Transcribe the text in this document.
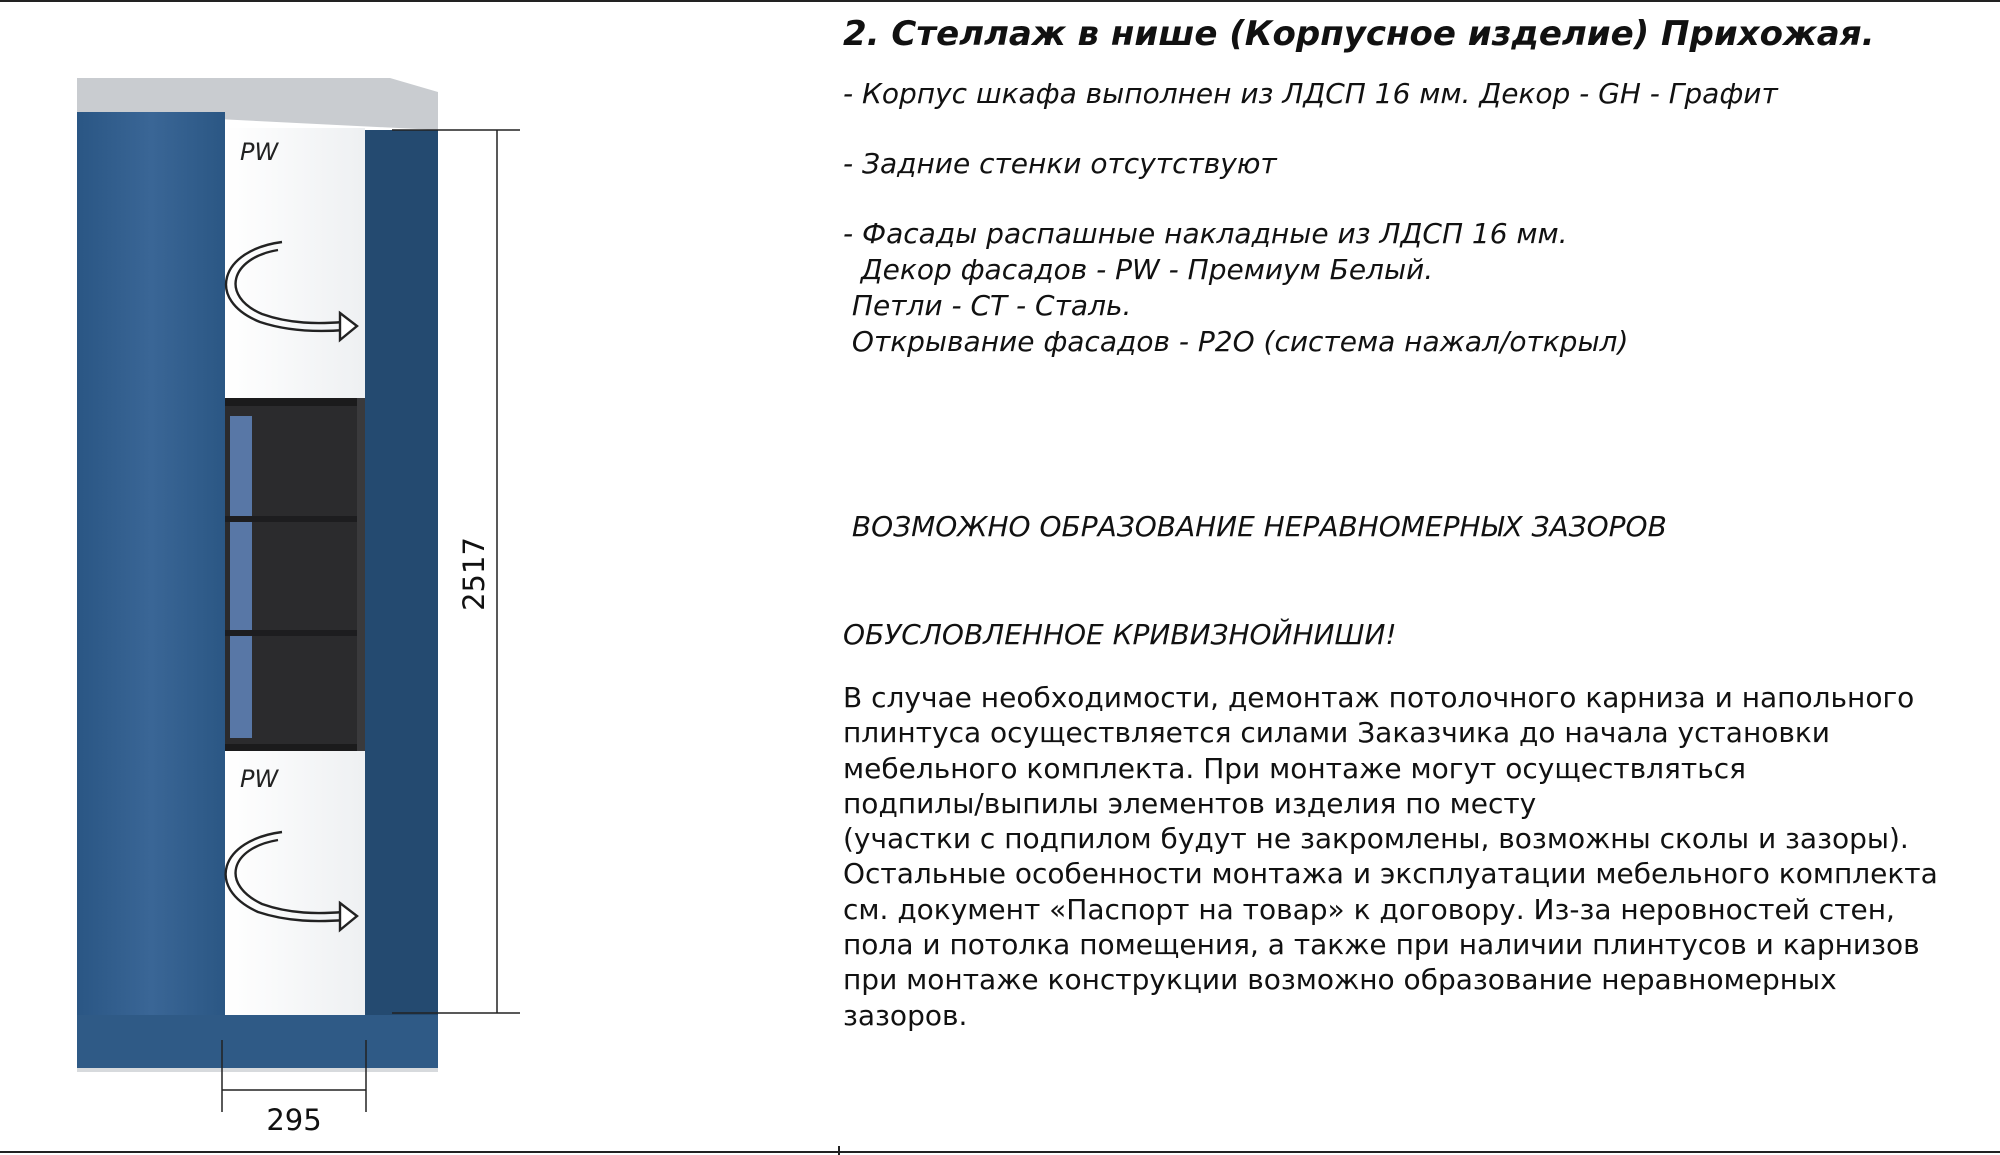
PW
PW
2517
295
2. Стеллаж в нише (Корпусное изделие) Прихожая.

- Корпус шкафа выполнен из ЛДСП 16 мм. Декор - GH - Графит

- Задние стенки отсутствуют

- Фасады распашные накладные из ЛДСП 16 мм.

Декор фасадов - PW - Премиум Белый.

Петли - CT - Сталь.

Открывание фасадов - P2O (система нажал/открыл)

ВОЗМОЖНО ОБРАЗОВАНИЕ НЕРАВНОМЕРНЫХ ЗАЗОРОВ

ОБУСЛОВЛЕННОЕ КРИВИЗНОЙНИШИ!

В случае необходимости, демонтаж потолочного карниза и напольного
плинтуса осуществляется силами Заказчика до начала установки
мебельного комплекта. При монтаже могут осуществляться
подпилы/выпилы элементов изделия по месту
(участки с подпилом будут не закромлены, возможны сколы и зазоры).
Остальные особенности монтажа и эксплуатации мебельного комплекта
см. документ «Паспорт на товар» к договору. Из-за неровностей стен,
пола и потолка помещения, а также при наличии плинтусов и карнизов
при монтаже конструкции возможно образование неравномерных
зазоров.
